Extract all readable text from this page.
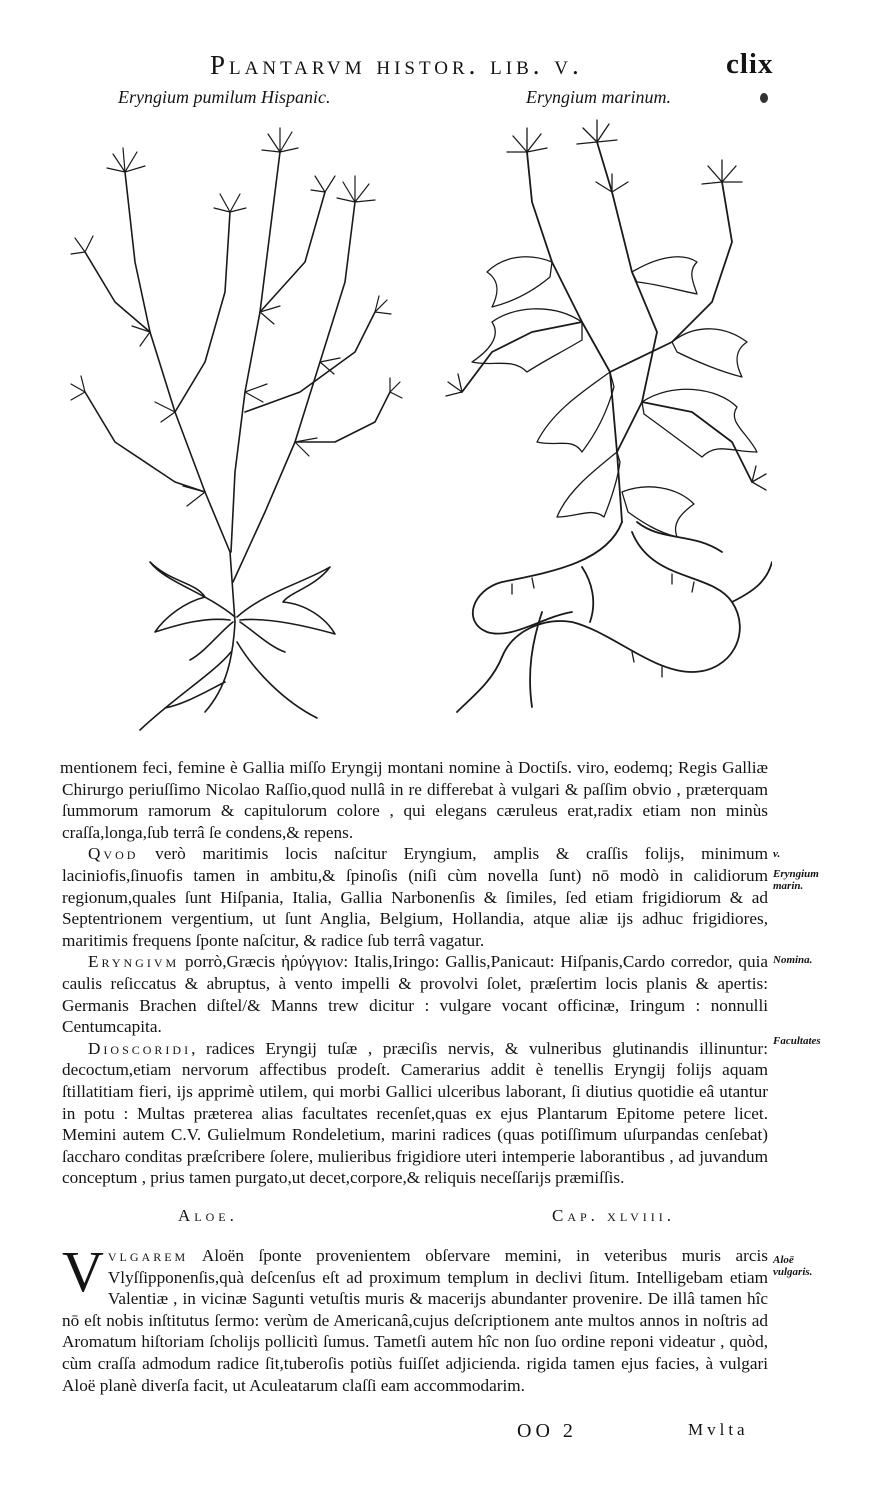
Plantarvm histor. lib. v.	clix
Eryngium pumilum Hispanic.	Eryngium marinum.
mentionem feci, femine è Gallia miſſo Eryngij montani nomine à Doctiſs. viro, eodemq; Regis Galliæ Chirurgo periuſſimo Nicolao Raſſio,quod nullâ in re differebat à vulgari & paſſim obvio , præterquam ſummorum ramorum & capitulorum colore , qui elegans cæruleus erat,radix etiam non minùs craſſa,longa,ſub terrâ ſe condens,& repens.
Qvod verò maritimis locis naſcitur Eryngium, amplis & craſſis folijs, minimum laciniofis,ſinuofis tamen in ambitu,& ſpinoſis (niſi cùm novella ſunt) nō modò in calidiorum regionum,quales ſunt Hiſpania, Italia, Gallia Narbonenſis & ſimiles, ſed etiam frigidiorum & ad Septentrionem vergentium, ut ſunt Anglia, Belgium, Hollandia, atque aliæ ijs adhuc frigidiores, maritimis frequens ſponte naſcitur, & radice ſub terrâ vagatur.
Eryngivm porrò,Græcis ἠρύγγιον: Italis,Iringo: Gallis,Panicaut: Hiſpanis,Cardo corredor, quia caulis reſiccatus & abruptus, à vento impelli & provolvi ſolet, præſertim locis planis & apertis: Germanis Brachen diſtel/& Manns trew dicitur : vulgare vocant officinæ, Iringum : nonnulli Centumcapita.
Dioscoridi, radices Eryngij tuſæ , præciſis nervis, & vulneribus glutinandis illinuntur: decoctum,etiam nervorum affectibus prodeſt. Camerarius addit è tenellis Eryngij folijs aquam ſtillatitiam fieri, ijs apprimè utilem, qui morbi Gallici ulceribus laborant, ſi diutius quotidie eâ utantur in potu : Multas præterea alias facultates recenſet,quas ex ejus Plantarum Epitome petere licet. Memini autem C.V. Gulielmum Rondeletium, marini radices (quas potiſſimum uſurpandas cenſebat) ſaccharo conditas præſcribere ſolere, mulieribus frigidiore uteri intemperie laborantibus , ad juvandum conceptum , prius tamen purgato,ut decet,corpore,& reliquis neceſſarijs præmiſſis.
v.
Eryngium marin.
Nomina.
Facultates
Aloe.	Cap. xlviii.
Vvlgarem Aloën ſponte provenientem obſervare memini, in veteribus muris arcis Vlyſſipponenſis,quà deſcenſus eſt ad proximum templum in declivi ſitum. Intelligebam etiam Valentiæ , in vicinæ Sagunti vetuſtis muris & macerijs abundanter provenire. De illâ tamen hîc nō eſt nobis inſtitutus ſermo: verùm de Americanâ,cujus deſcriptionem ante multos annos in noſtris ad Aromatum hiſtoriam ſcholijs pollicitì ſumus. Tametſi autem hîc non ſuo ordine reponi videatur , quòd, cùm craſſa admodum radice ſit,tuberoſis potiùs fuiſſet adjicienda. rigida tamen ejus facies, à vulgari Aloë planè diverſa facit, ut Aculeatarum claſſi eam accommodarim.
Aloë vulgaris.
OO 2	Mvlta
